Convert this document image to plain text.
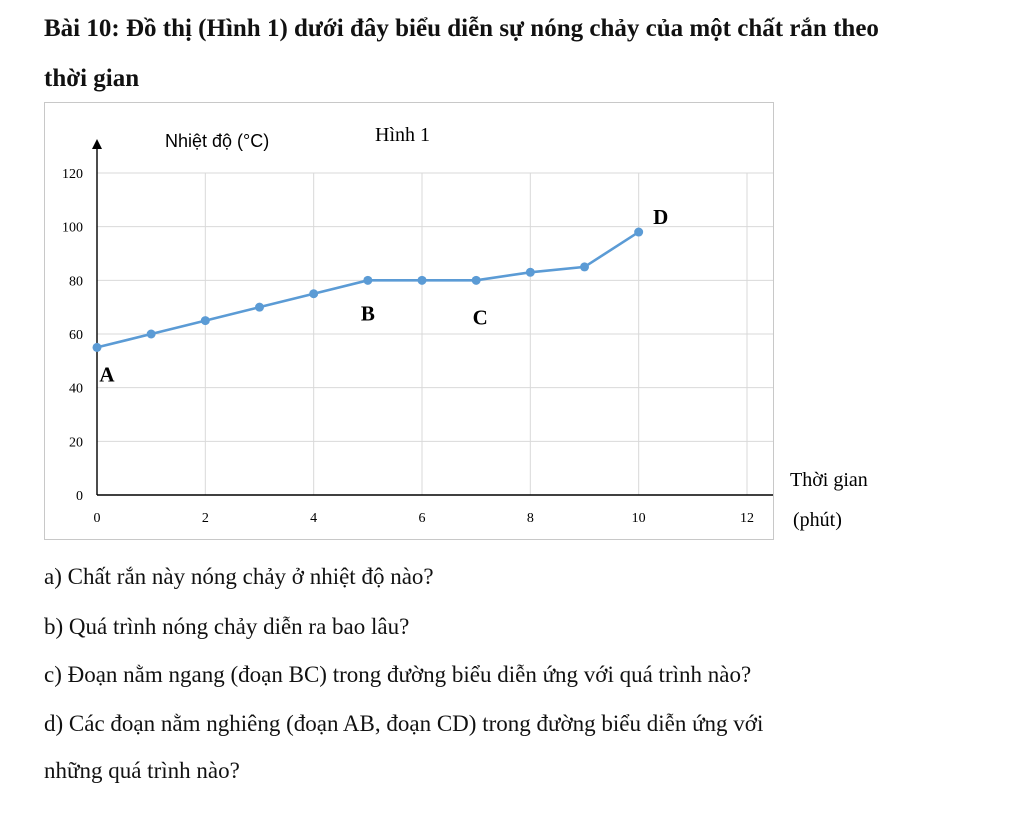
Bài 10: Đồ thị (Hình 1) dưới đây biểu diễn sự nóng chảy của một chất rắn theo
thời gian
0
20
40
60
80
100
120
0	2	4	6	8	10	12
A
B	C
D
Nhiệt độ (°C)	Hình 1
Thời gian
(phút)

a) Chất rắn này nóng chảy ở nhiệt độ nào?

b) Quá trình nóng chảy diễn ra bao lâu?

c) Đoạn nằm ngang (đoạn BC) trong đường biểu diễn ứng với quá trình nào?

d) Các đoạn nằm nghiêng (đoạn AB, đoạn CD) trong đường biểu diễn ứng với

những quá trình nào?
